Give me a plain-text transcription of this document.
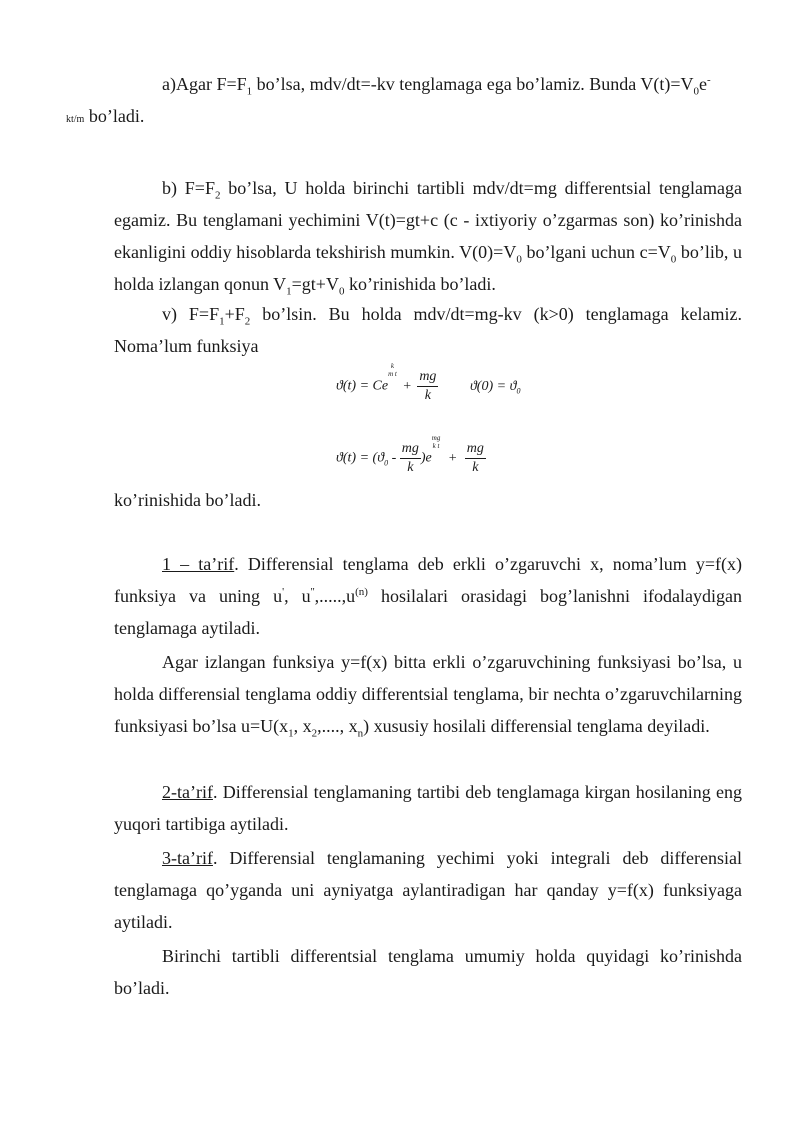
a)Agar $F=F_1$ bo’lsa, mdv/dt=-kv tenglamaga ega bo’lamiz. Bunda $V(t)=V_0e^-$
kt/m bo’ladi.
b) $F=F_2$ bo’lsa, U holda birinchi tartibli mdv/dt=mg differentsial tenglamaga egamiz. Bu tenglamani yechimini V(t)=gt+c (c - ixtiyoriy o’zgarmas son) ko’rinishda ekanligini oddiy hisoblarda tekshirish mumkin. $V(0)=V_0$ bo’lgani uchun $c=V_0$ bo’lib, u holda izlangan qonun $V_1=gt+V_0$ ko’rinishida bo’ladi.
v) $F=F_1+F_2$ bo’lsin. Bu holda mdv/dt=mg-kv (k>0) tenglamaga kelamiz. Noma’lum funksiya
ϑ(t) = Ce
k
m t
+ $\frac{mg}{k} ϑ(0) = ϑ_0$
$ϑ(t) = (ϑ_0 - \frac{mg}{k} )e$
mg
k t
+ $\frac{mg}{k}$
ko’rinishida bo’ladi.
1 – ta’rif. Differensial tenglama deb erkli o’zgaruvchi x, noma’lum y=f(x) funksiya va uning u', $u'',.....,u^{(n)}$ hosilalari orasidagi bog’lanishni ifodalaydigan tenglamaga aytiladi.
Agar izlangan funksiya y=f(x) bitta erkli o’zgaruvchining funksiyasi bo’lsa, u holda differensial tenglama oddiy differentsial tenglama, bir nechta o’zgaruvchilarning funksiyasi bo’lsa $u=U(x_1$, $x_2$,...., $x_n$) xususiy hosilali differensial tenglama deyiladi.
2-ta’rif. Differensial tenglamaning tartibi deb tenglamaga kirgan hosilaning eng yuqori tartibiga aytiladi.
3-ta’rif. Differensial tenglamaning yechimi yoki integrali deb differensial tenglamaga qo’yganda uni ayniyatga aylantiradigan har qanday y=f(x) funksiyaga aytiladi.
Birinchi tartibli differentsial tenglama umumiy holda quyidagi ko’rinishda bo’ladi.
